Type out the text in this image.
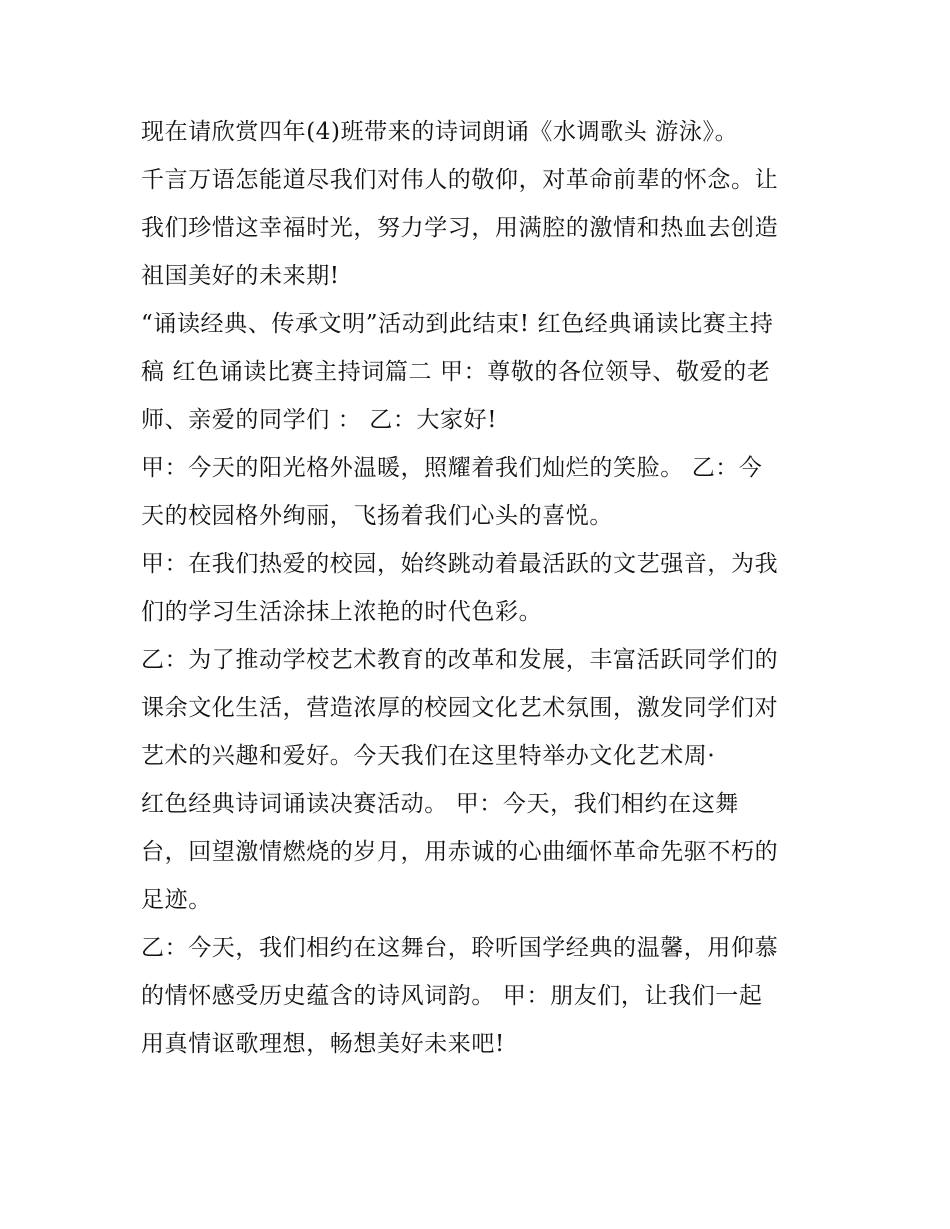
现在请欣赏四年(4)班带来的诗词朗诵《水调歌头 游泳》。
千言万语怎能道尽我们对伟人的敬仰，对革命前辈的怀念。让
我们珍惜这幸福时光，努力学习，用满腔的激情和热血去创造
祖国美好的未来期!
“诵读经典、传承文明”活动到此结束! 红色经典诵读比赛主持
稿 红色诵读比赛主持词篇二 甲：尊敬的各位领导、敬爱的老
师、亲爱的同学们 ： 乙：大家好!
甲：今天的阳光格外温暖，照耀着我们灿烂的笑脸。 乙：今
天的校园格外绚丽，飞扬着我们心头的喜悦。
甲：在我们热爱的校园，始终跳动着最活跃的文艺强音，为我
们的学习生活涂抹上浓艳的时代色彩。
乙：为了推动学校艺术教育的改革和发展，丰富活跃同学们的
课余文化生活，营造浓厚的校园文化艺术氛围，激发同学们对
艺术的兴趣和爱好。今天我们在这里特举办文化艺术周·
红色经典诗词诵读决赛活动。 甲：今天，我们相约在这舞
台，回望激情燃烧的岁月，用赤诚的心曲缅怀革命先驱不朽的
足迹。
乙：今天，我们相约在这舞台，聆听国学经典的温馨，用仰慕
的情怀感受历史蕴含的诗风词韵。 甲：朋友们，让我们一起
用真情讴歌理想，畅想美好未来吧!
